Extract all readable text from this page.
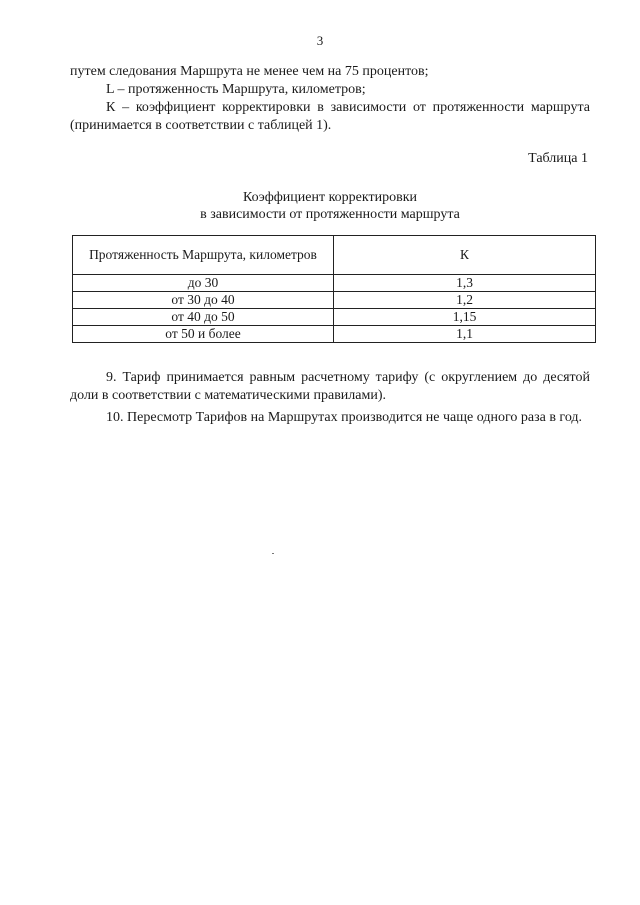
3

путем следования Маршрута не менее чем на 75 процентов;

L – протяженность Маршрута, километров;

К – коэффициент корректировки в зависимости от протяженности маршрута (принимается в соответствии с таблицей 1).

Таблица 1
Коэффициент корректировки
в зависимости от протяженности маршрута
Протяженность Маршрута, километров	К
до 30	1,3
от 30 до 40	1,2
от 40 до 50	1,15
от 50 и более	1,1

9. Тариф принимается равным расчетному тарифу (с округлением до десятой доли в соответствии с математическими правилами).

10. Пересмотр Тарифов на Маршрутах производится не чаще одного раза в год.
